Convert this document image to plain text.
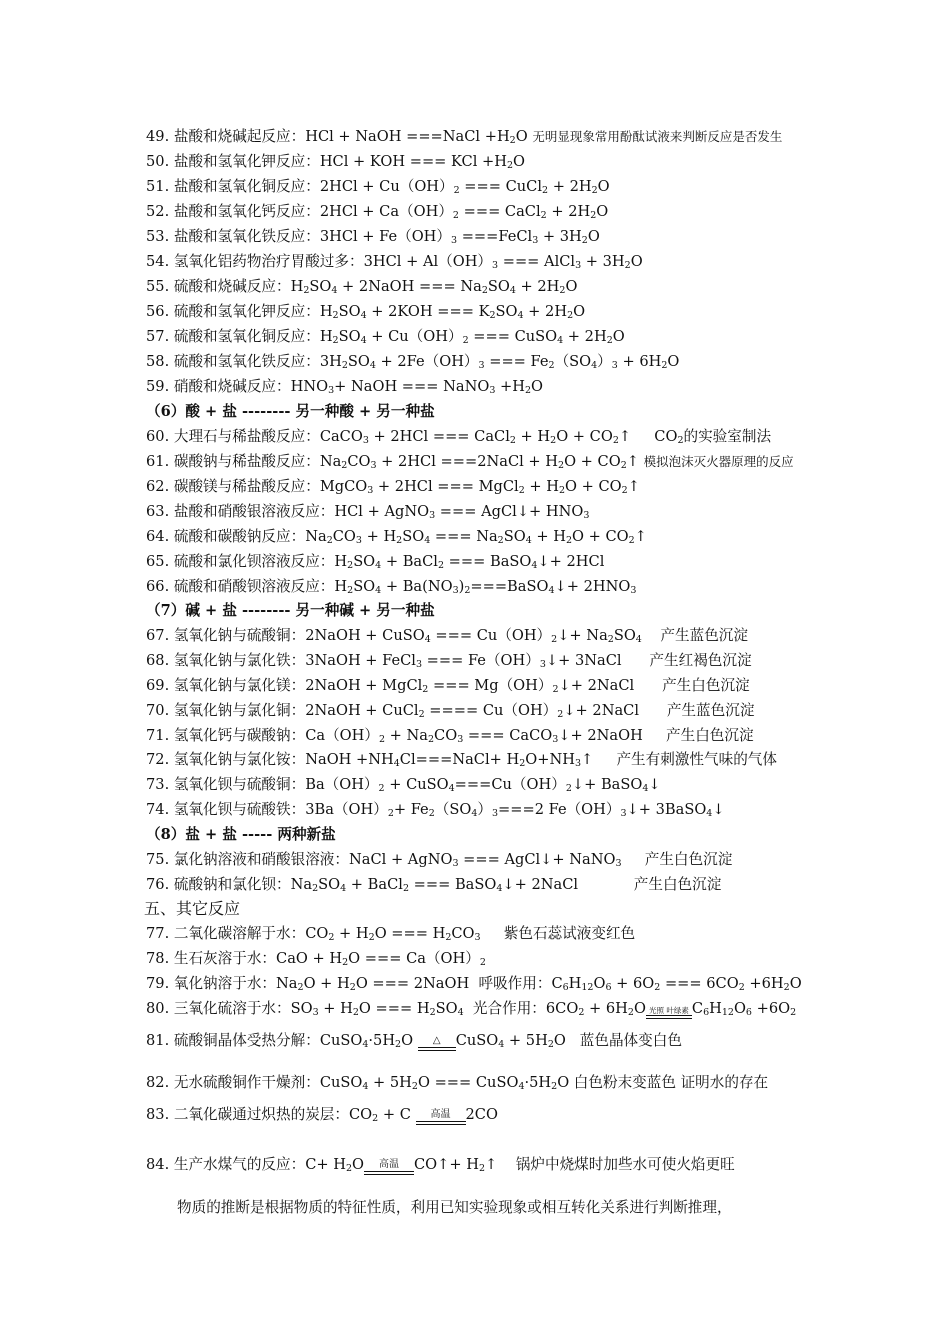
49. 盐酸和烧碱起反应：HCl + NaOH ===NaCl $+H_2O$ 无明显现象常用酚酞试液来判断反应是否发生
50. 盐酸和氢氧化钾反应：HCl + KOH === KCl $+H_2O$
51. 盐酸和氢氧化铜反应：$2HCl + Cu(OH)_2$ === CuCl$_2$ + $2H_2O$
52. 盐酸和氢氧化钙反应：$2HCl + Ca(OH)_2$ === CaCl$_2$ + $2H_2O$
53. 盐酸和氢氧化铁反应：$3HCl + Fe(OH)_3$ ===FeCl$_3$ + $3H_2O$
54. 氢氧化铝药物治疗胃酸过多：$3HCl + Al(OH)_3$ === AlCl$_3$ + $3H_2O$
55. 硫酸和烧碱反应：$H_2SO_4$ + 2NaOH === $Na_2SO_4 + 2H_2O$
56. 硫酸和氢氧化钾反应：$H_2SO_4 + 2KOH$ === $K_2SO_4 + 2H_2O$
57. 硫酸和氢氧化铜反应：$H_2SO_4 + Cu(OH)_2$ === CuSO$_4$ + $2H_2O$
58. 硫酸和氢氧化铁反应：$3H_2SO_4 + 2Fe(OH)_3$ === $Fe_2(SO_4)_3 + 6H_2O$
59. 硝酸和烧碱反应：$HNO_3+$ NaOH === NaNO$_3$ $+H_2O$
（6）酸 + 盐 -------- 另一种酸 + 另一种盐
60. 大理石与稀盐酸反应：CaCO$_3$ + 2HCl === CaCl$_2$ + $H_2O$ + $CO_2↑$ $CO_2$的实验室制法
61. 碳酸钠与稀盐酸反应：$Na_2CO_3 + 2HCl$ ===2NaCl + $H_2O$ + $CO_2↑$ 模拟泡沫灭火器原理的反应
62. 碳酸镁与稀盐酸反应：MgCO$_3$ + 2HCl === MgCl$_2$ + $H_2O$ + $CO_2↑$
63. 盐酸和硝酸银溶液反应：HCl + AgNO$_3$ === AgCl↓+ $HNO_3$
64. 硫酸和碳酸钠反应：$Na_2CO_3 + H_2SO_4$ === $Na_2SO_4 + H_2O$ + $CO_2↑$
65. 硫酸和氯化钡溶液反应：$H_2SO_4$ + BaCl$_2$ === BaSO$_4$↓+ 2HCl
66. 硫酸和硝酸钡溶液反应：$H_2SO_4$ + $Ba(NO_3)_2===BaSO_4↓+ 2HNO_3$
（7）碱 + 盐 -------- 另一种碱 + 另一种盐
67. 氢氧化钠与硫酸铜：2NaOH + CuSO$_4$ === $Cu(OH)_2↓+ Na_2SO_4$ 产生蓝色沉淀
68. 氢氧化钠与氯化铁：3NaOH + FeCl$_3$ === $Fe(OH)_3↓+$ 3NaCl 产生红褐色沉淀
69. 氢氧化钠与氯化镁：2NaOH + MgCl$_2$ === $Mg(OH)_2↓+$ 2NaCl 产生白色沉淀
70. 氢氧化钠与氯化铜：2NaOH + CuCl$_2$ ==== $Cu(OH)_2↓+$ 2NaCl 产生蓝色沉淀
71. 氢氧化钙与碳酸钠：$Ca(OH)_2 + Na_2CO_3$ === CaCO$_3$↓+ 2NaOH 产生白色沉淀
72. 氢氧化钠与氯化铵：NaOH $+NH_4Cl===NaCl+$ $H_2O+NH_3↑$ 产生有刺激性气味的气体
73. 氢氧化钡与硫酸铜：$Ba(OH)_2$ + $CuSO_4===Cu(OH)_2↓+$ BaSO$_4$↓
74. 氢氧化钡与硫酸铁：$3Ba(OH)_2+ Fe_2(SO_4)_3===2$ $Fe(OH)_3↓+$ 3BaSO$_4$↓
（8）盐 + 盐 ----- 两种新盐
75. 氯化钠溶液和硝酸银溶液：NaCl + AgNO$_3$ === AgCl↓+ NaNO$_3$ 产生白色沉淀
76. 硫酸钠和氯化钡：$Na_2SO_4$ + BaCl$_2$ === BaSO$_4$↓+ 2NaCl	产生白色沉淀
五、其它反应
77. 二氧化碳溶解于水：$CO_2 + H_2O$ === $H_2CO_3$ 紫色石蕊试液变红色
78. 生石灰溶于水：CaO + $H_2O$ === $Ca(OH)_2$
79. 氧化钠溶于水：$Na_2O + H_2O$ === 2NaOH 呼吸作用：$C_6H_{12}O_6 + 6O_2$ === $6CO_2 +6H_2O$
80. 三氧化硫溶于水：$SO_3 + H_2O$ === $H_2SO_4$ 光合作用：$6CO_2 + 6H_2O$ 光照 叶绿素 $C_6H_{12}O_6 +6O_2$
81. 硫酸铜晶体受热分解：$CuSO_4\cdot 5H_2O$	△	CuSO$_4$ + $5H_2O$ 蓝色晶体变白色
82. 无水硫酸铜作干燥剂：CuSO$_4$ + $5H_2O$ === $CuSO_4\cdot 5H_2O$ 白色粉末变蓝色 证明水的存在
83. 二氧化碳通过炽热的炭层：$CO_2 + C$	高温	2CO
84. 生产水煤气的反应：$C+ H_2O$	高温	CO↑+ $H_2↑$ 锅炉中烧煤时加些水可使火焰更旺
物质的推断是根据物质的特征性质，利用已知实验现象或相互转化关系进行判断推理，
